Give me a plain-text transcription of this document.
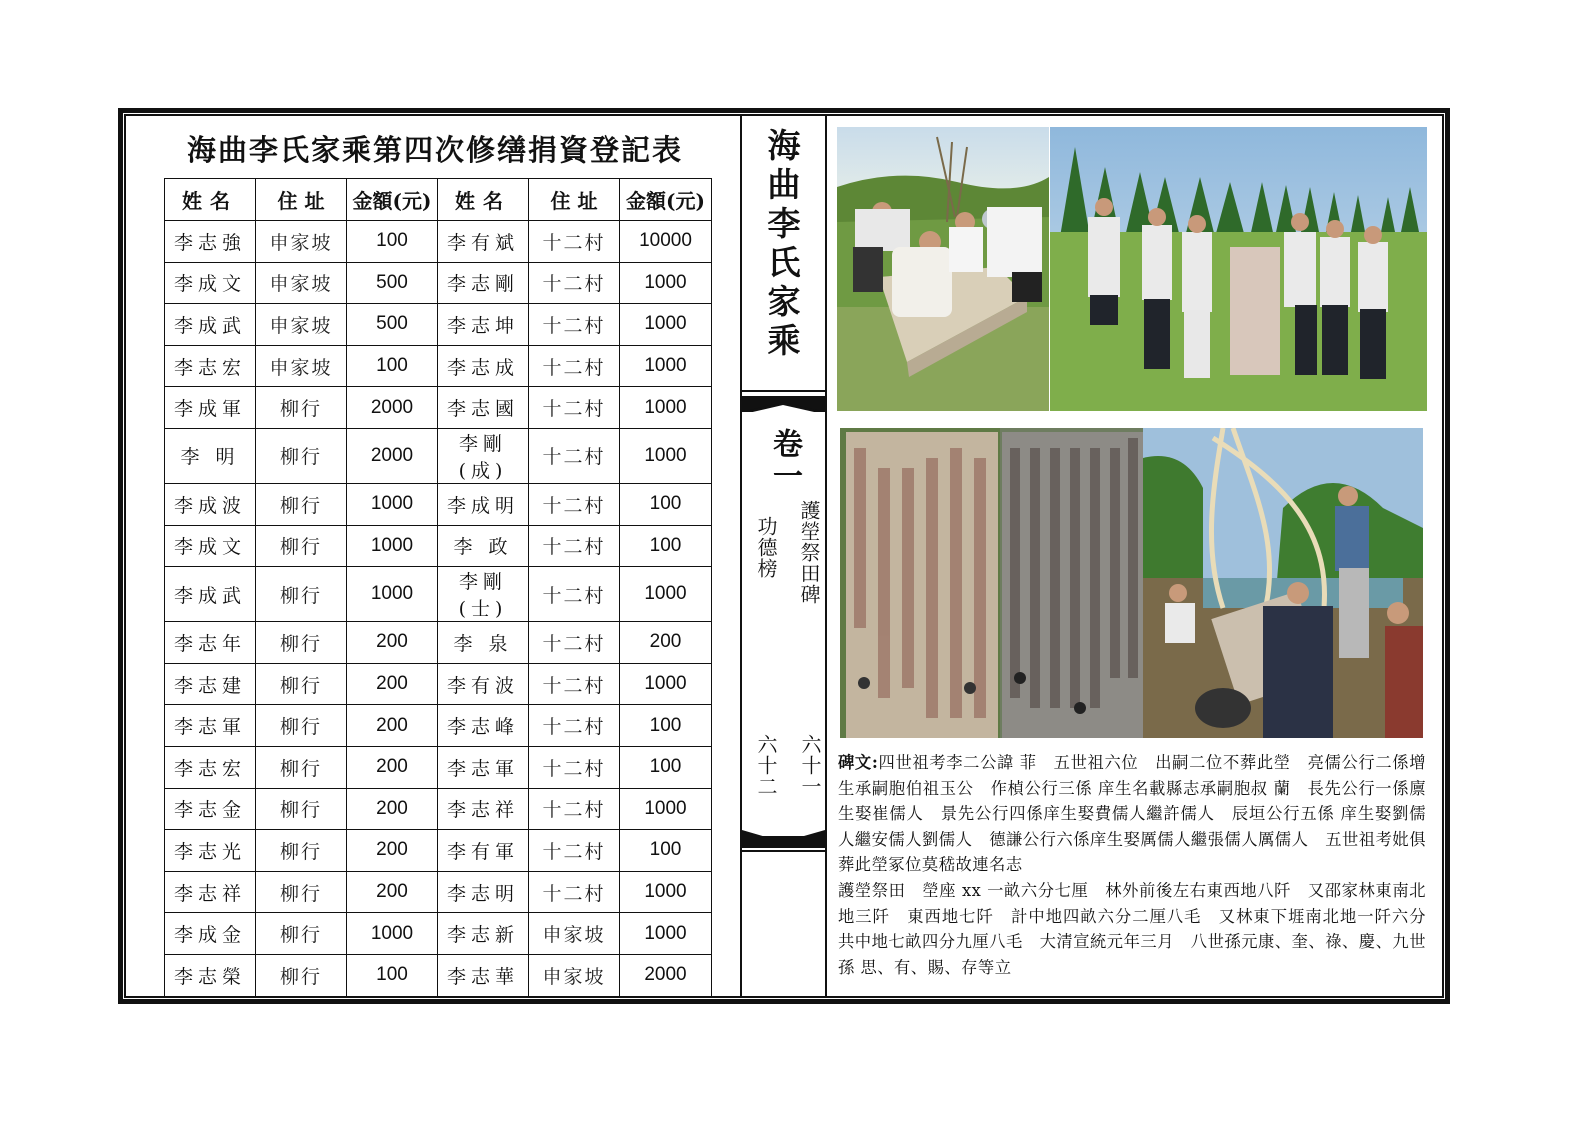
海曲李氏家乘第四次修缮捐資登記表
姓名	住 址	金額(元)	姓名	住 址	金額(元)
李志強	申家坡	100	李有斌	十二村	10000
李成文	申家坡	500	李志剛	十二村	1000
李成武	申家坡	500	李志坤	十二村	1000
李志宏	申家坡	100	李志成	十二村	1000
李成軍	柳行	2000	李志國	十二村	1000
李 明	柳行	2000	李剛(成)	十二村	1000
李成波	柳行	1000	李成明	十二村	100
李成文	柳行	1000	李 政	十二村	100
李成武	柳行	1000	李剛(士)	十二村	1000
李志年	柳行	200	李 泉	十二村	200
李志建	柳行	200	李有波	十二村	1000
李志軍	柳行	200	李志峰	十二村	100
李志宏	柳行	200	李志軍	十二村	100
李志金	柳行	200	李志祥	十二村	1000
李志光	柳行	200	李有軍	十二村	100
李志祥	柳行	200	李志明	十二村	1000
李成金	柳行	1000	李志新	申家坡	1000
李志榮	柳行	100	李志華	申家坡	2000
海
曲
李
氏
家
乘
卷一
護塋祭田碑
功德榜
六十一
六十二	碑文:四世祖考李二公諱 菲　五世祖六位　出嗣二位不葬此塋　亮儒公行二係增生承嗣胞伯祖玉公　作楨公行三係 庠生名載縣志承嗣胞叔 蘭　長先公行一係廪生娶崔儒人　景先公行四係庠生娶費儒人繼許儒人　辰垣公行五係 庠生娶劉儒人繼安儒人劉儒人　德謙公行六係庠生娶厲儒人繼張儒人厲儒人　五世祖考妣俱葬此塋冢位莫嵇故連名志

護塋祭田　塋座 xx 一畝六分七厘　林外前後左右東西地八阡　又邵家林東南北地三阡　東西地七阡　計中地四畝六分二厘八毛　又林東下堐南北地一阡六分　共中地七畝四分九厘八毛　大清宣統元年三月　八世孫元康、奎、祿、慶、九世孫 思、有、賜、存等立
